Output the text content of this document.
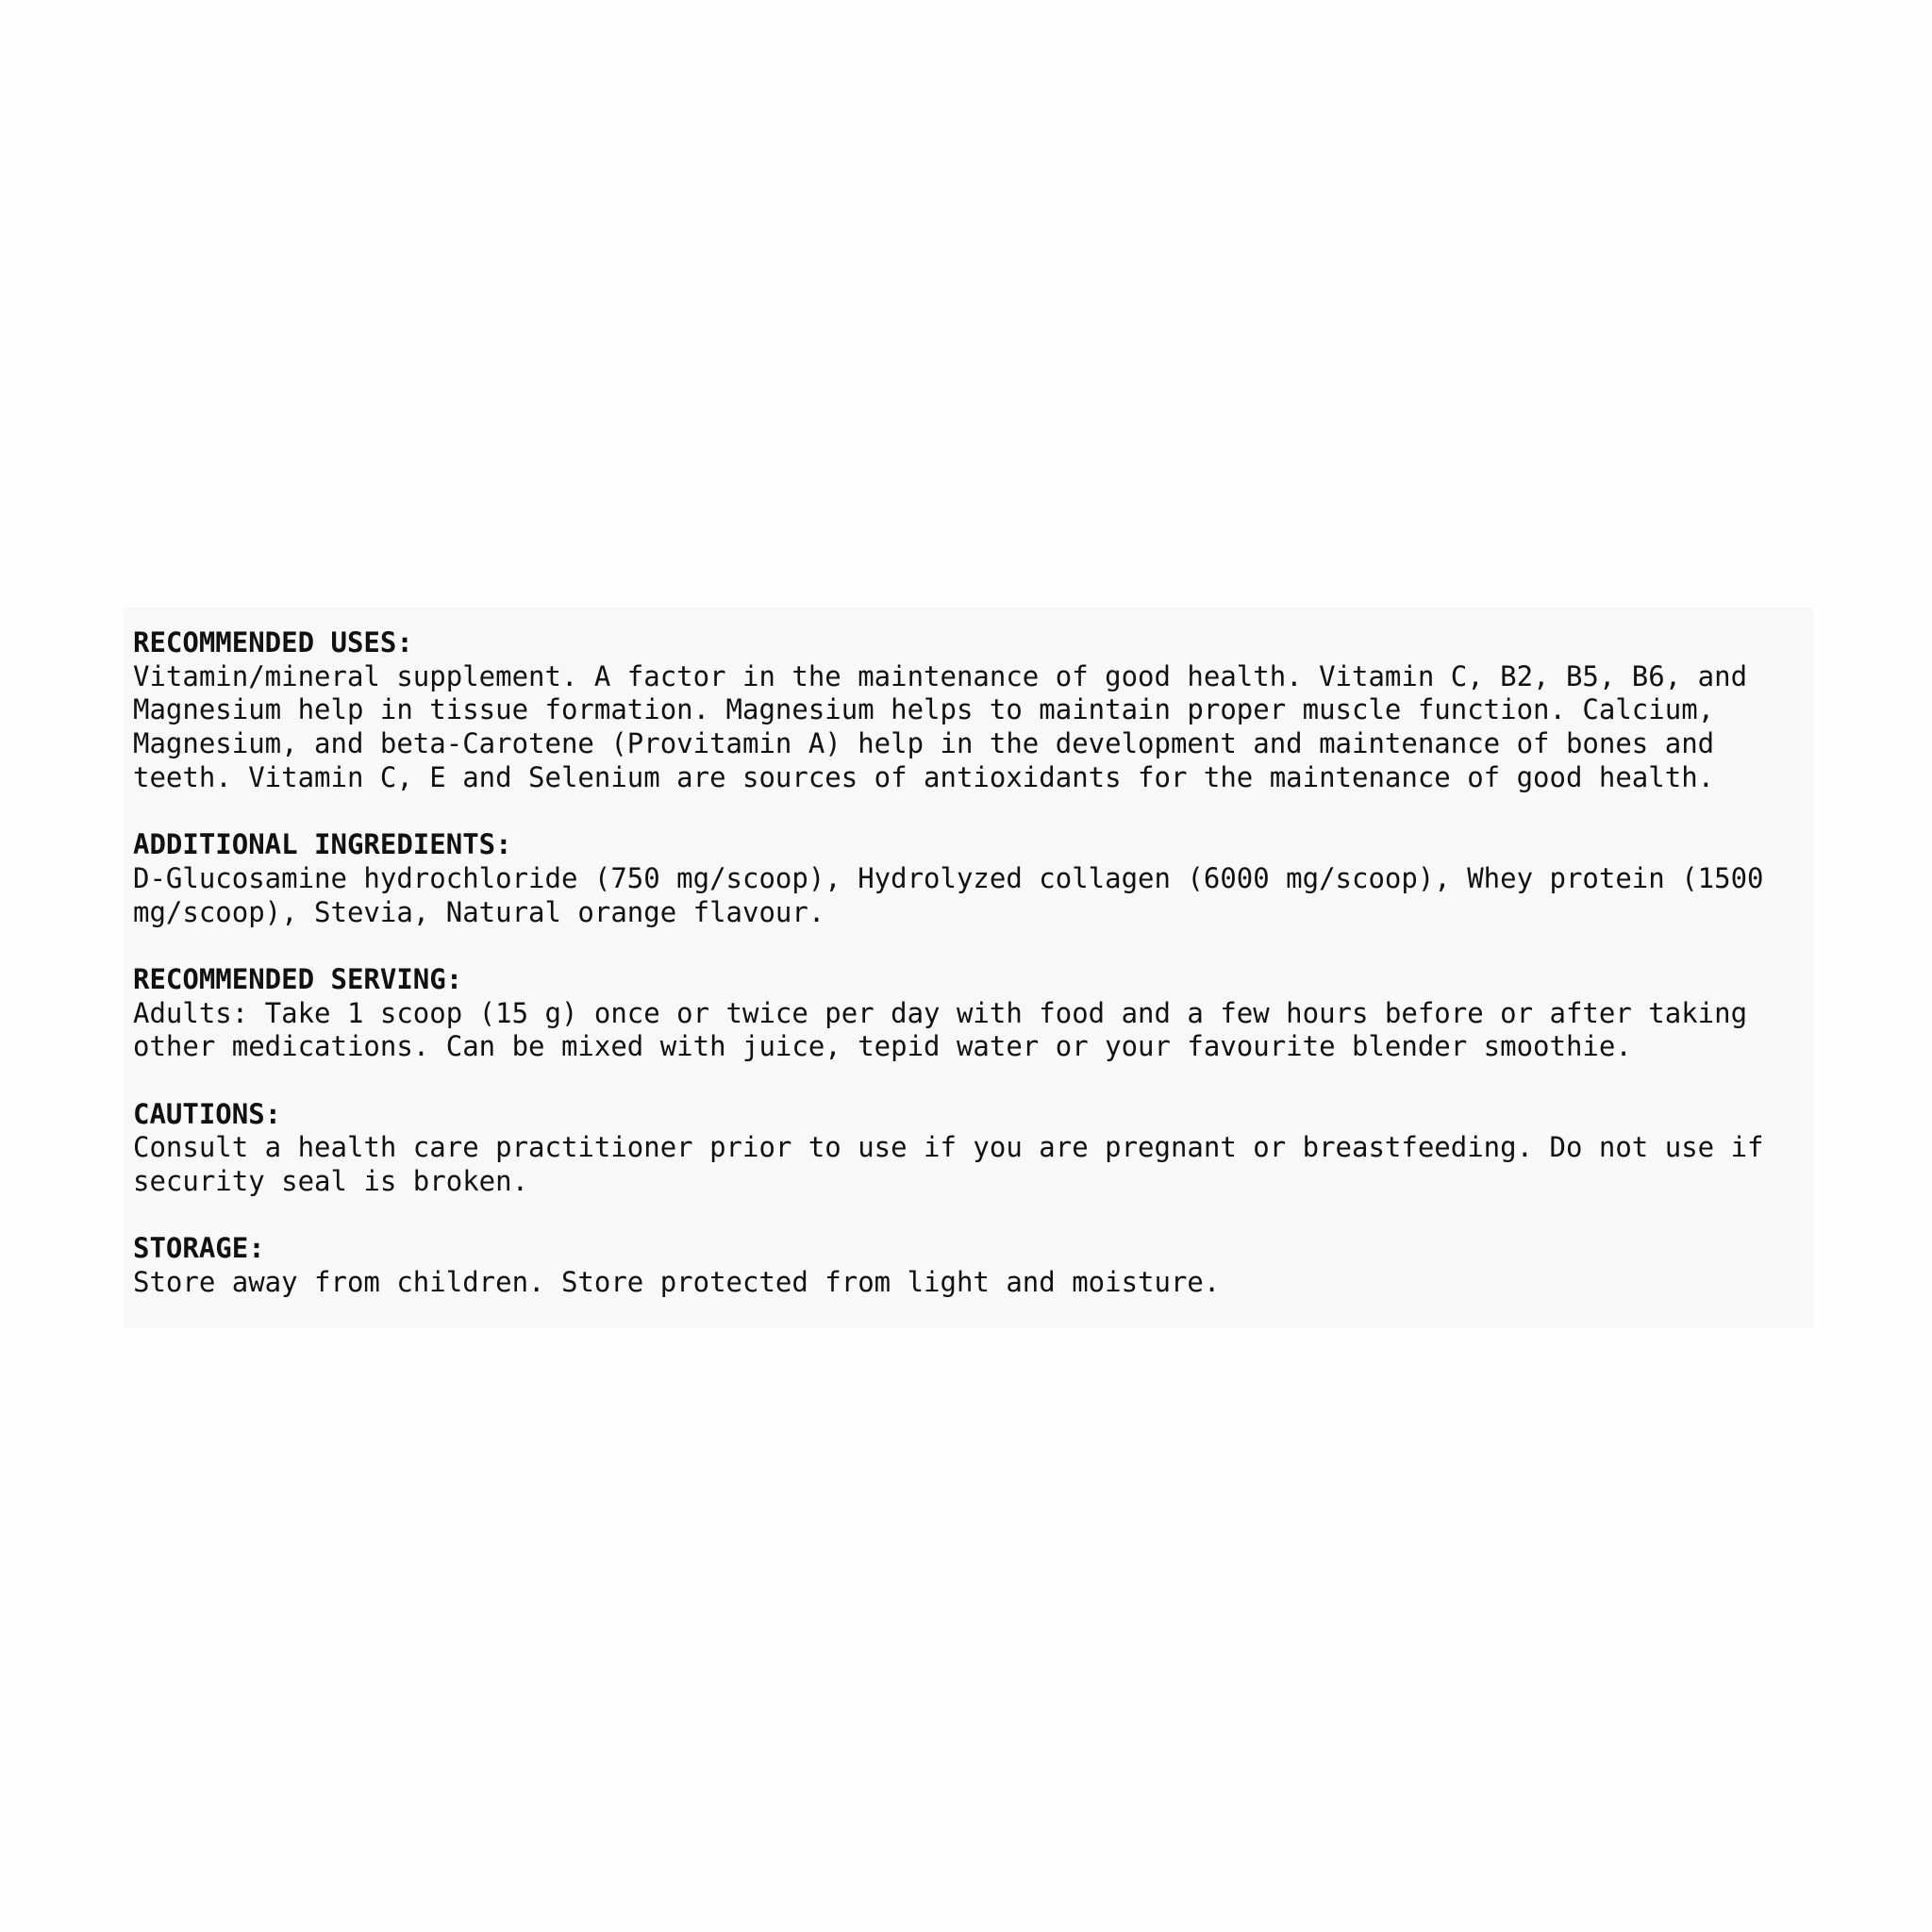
RECOMMENDED USES:
Vitamin/mineral supplement. A factor in the maintenance of good health. Vitamin C, B2, B5, B6, and
Magnesium help in tissue formation. Magnesium helps to maintain proper muscle function. Calcium,
Magnesium, and beta-Carotene (Provitamin A) help in the development and maintenance of bones and
teeth. Vitamin C, E and Selenium are sources of antioxidants for the maintenance of good health.
ADDITIONAL INGREDIENTS:
D-Glucosamine hydrochloride (750 mg/scoop), Hydrolyzed collagen (6000 mg/scoop), Whey protein (1500
mg/scoop), Stevia, Natural orange flavour.
RECOMMENDED SERVING:
Adults: Take 1 scoop (15 g) once or twice per day with food and a few hours before or after taking
other medications. Can be mixed with juice, tepid water or your favourite blender smoothie.
CAUTIONS:
Consult a health care practitioner prior to use if you are pregnant or breastfeeding. Do not use if
security seal is broken.
STORAGE:
Store away from children. Store protected from light and moisture.
